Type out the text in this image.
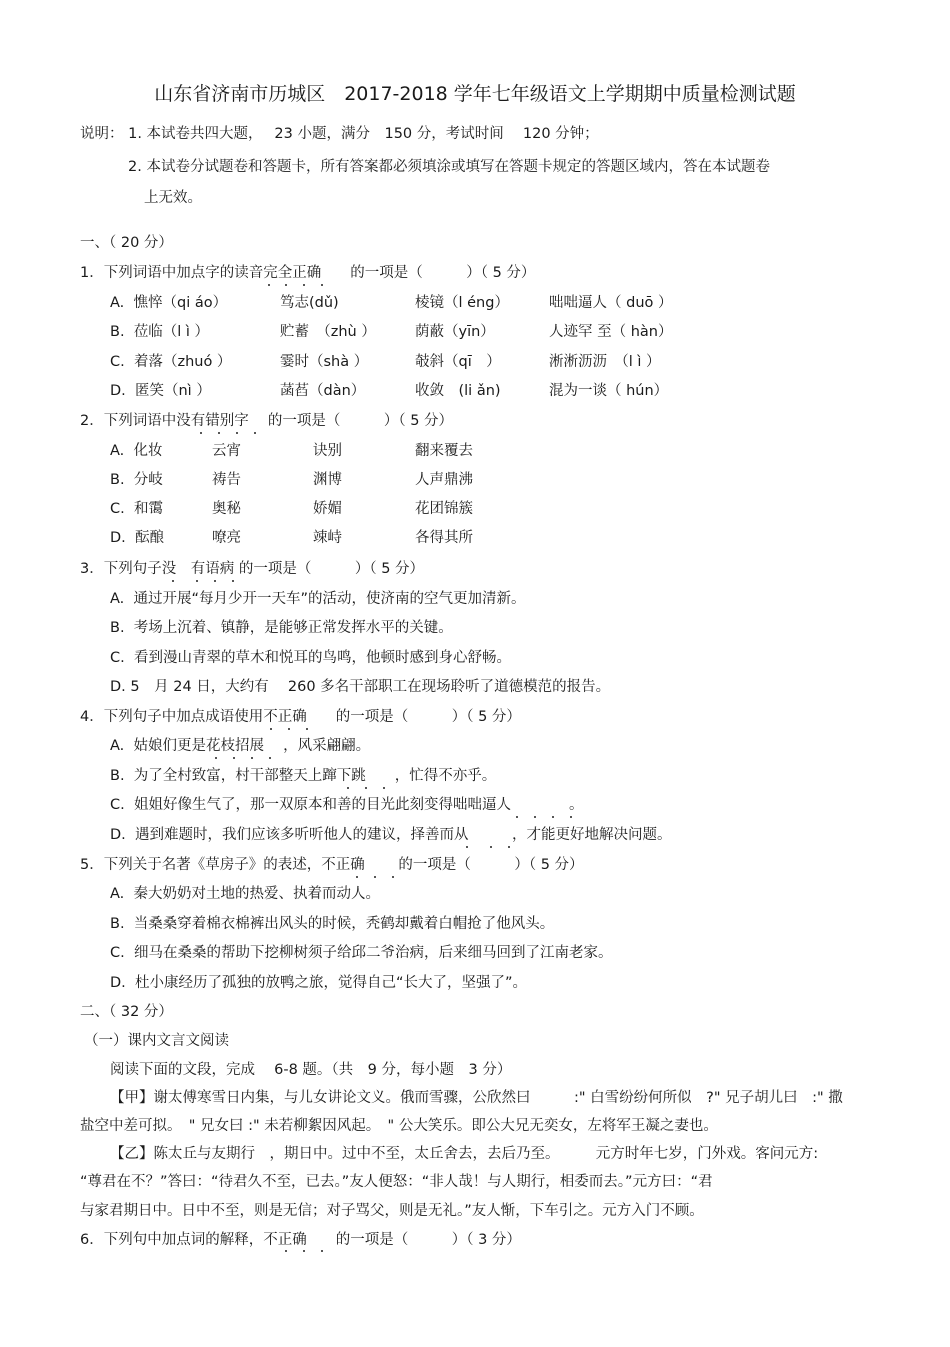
山东省济南市历城区　2017-2018 学年七年级语文上学期期中质量检测试题
说明： 1. 本试卷共四大题，　 23 小题，满分　150 分，考试时间　 120 分钟；
2. 本试卷分试题卷和答题卡，所有答案都必须填涂或填写在答题卡规定的答题区域内，答在本试题卷
上无效。
一、（ 20 分）
1．下列词语中加点字的读音完全正确　　的一项是（　　　）（ 5 分）
A.  憔悴（qi áo）	笃志(dǔ)	棱镜（l éng）	咄咄逼人（ duō ）
B.  莅临（l ì ）	贮蓄　（zhù ）	荫蔽（yīn）	人迹罕 至（ hàn）
C.  着落（zhuó ）	霎时（shà ）	攲斜（qī　）	淅淅沥沥　（l ì ）
D.  匿笑（nì ）	菡萏（dàn）	收敛　(li ǎn)	混为一谈（ hún）
2．下列词语中没有错别字　 的一项是（　　　）（ 5 分）
A.  化妆	云宵	诀别	翻来覆去
B.  分岐	祷告	渊博	人声鼎沸
C.  和霭	奥秘	娇媚	花团锦簇
D.  酝酿	嘹亮	竦峙	各得其所
3．下列句子没　有语病 的一项是（　　　）（ 5 分）
A.  通过开展“每月少开一天车”的活动，使济南的空气更加清新。
B.  考场上沉着、镇静，是能够正常发挥水平的关键。
C.  看到漫山青翠的草木和悦耳的鸟鸣，他顿时感到身心舒畅。
D. 5　月 24 日，大约有　 260 多名干部职工在现场聆听了道德模范的报告。
4．下列句子中加点成语使用不正确　　的一项是（　　　）（ 5 分）
A.  姑娘们更是花枝招展　 ，风采翩翩。
B.  为了全村致富，村干部整天上蹿下跳　　，忙得不亦乎。
C.  姐姐好像生气了，那一双原本和善的目光此刻变得咄咄逼人　　　　。
D.  遇到难题时，我们应该多听听他人的建议，择善而从　　　，才能更好地解决问题。
5．下列关于名著《草房子》的表述，不正确　　 的一项是（　　　）（ 5 分）
A.  秦大奶奶对土地的热爱、执着而动人。
B.  当桑桑穿着棉衣棉裤出风头的时候，秃鹤却戴着白帽抢了他风头。
C.  细马在桑桑的帮助下挖柳树须子给邱二爷治病，后来细马回到了江南老家。
D.  杜小康经历了孤独的放鸭之旅，觉得自己“长大了，坚强了”。
二、（ 32 分）
（一）课内文言文阅读
阅读下面的文段，完成　 6-8 题。（共　9 分，每小题　3 分）
【甲】谢太傅寒雪日内集，与儿女讲论文义。俄而雪骤，公欣然曰　　　:" 白雪纷纷何所似　?" 兄子胡儿曰　:" 撒
盐空中差可拟。　" 兄女曰 :" 未若柳絮因风起。　" 公大笑乐。即公大兄无奕女，左将军王凝之妻也。
【乙】陈太丘与友期行　，期日中。过中不至，太丘舍去，去后乃至。　　　元方时年七岁，门外戏。客问元方:
“尊君在不？”答曰：“待君久不至，已去。”友人便怒：“非人哉！与人期行，相委而去。”元方曰：“君
与家君期日中。日中不至，则是无信；对子骂父，则是无礼。”友人惭，下车引之。元方入门不顾。
6．下列句中加点词的解释，不正确　　的一项是（　　　）（ 3 分）
